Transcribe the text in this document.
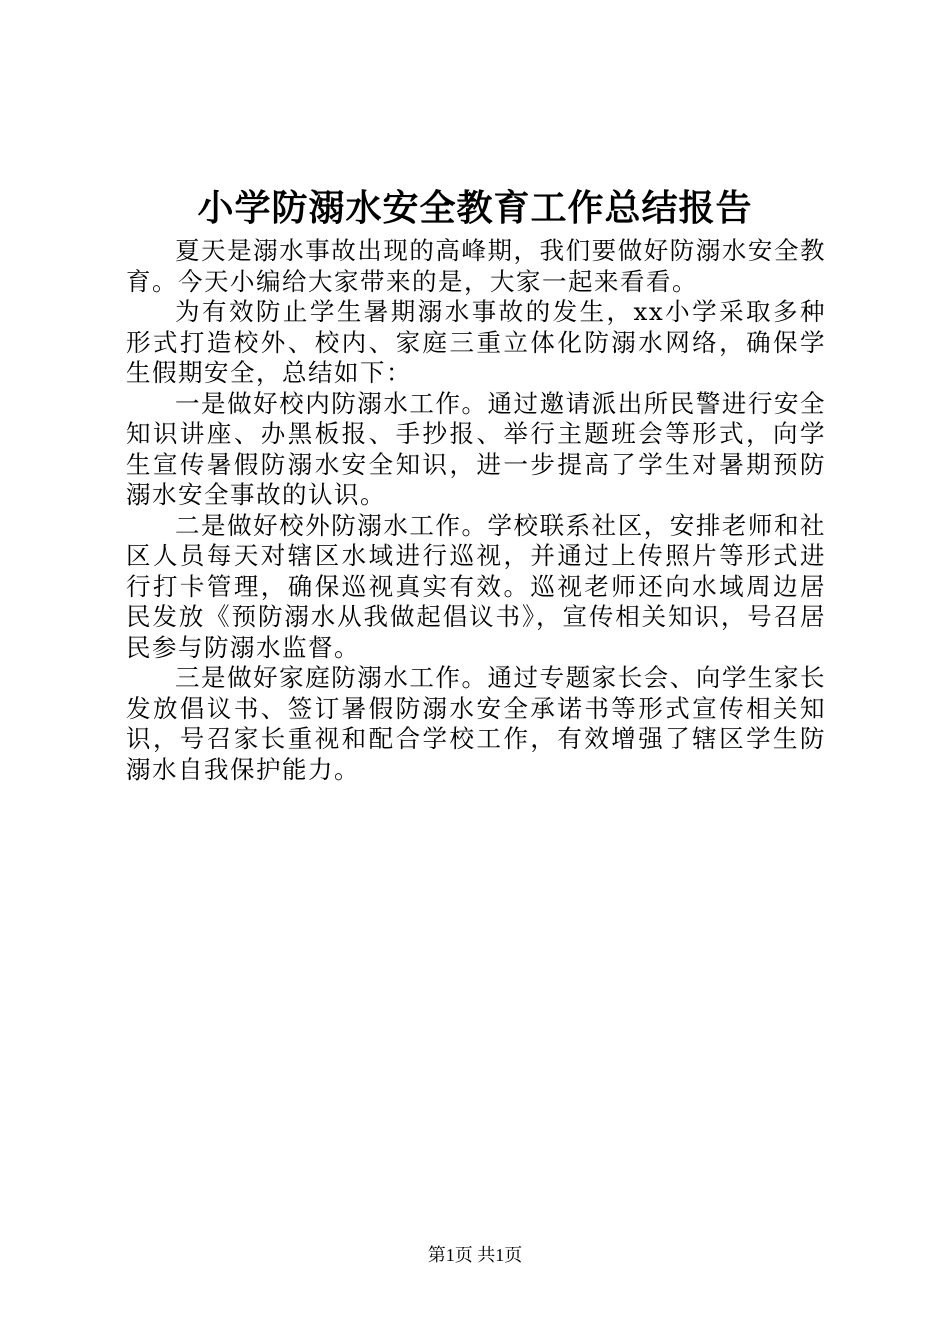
小学防溺水安全教育工作总结报告

夏天是溺水事故出现的高峰期，我们要做好防溺水安全教育。今天小编给大家带来的是，大家一起来看看。

为有效防止学生暑期溺水事故的发生，xx小学采取多种形式打造校外、校内、家庭三重立体化防溺水网络，确保学生假期安全，总结如下：

一是做好校内防溺水工作。通过邀请派出所民警进行安全知识讲座、办黑板报、手抄报、举行主题班会等形式，向学生宣传暑假防溺水安全知识，进一步提高了学生对暑期预防溺水安全事故的认识。

二是做好校外防溺水工作。学校联系社区，安排老师和社区人员每天对辖区水域进行巡视，并通过上传照片等形式进行打卡管理，确保巡视真实有效。巡视老师还向水域周边居民发放《预防溺水从我做起倡议书》，宣传相关知识，号召居民参与防溺水监督。

三是做好家庭防溺水工作。通过专题家长会、向学生家长发放倡议书、签订暑假防溺水安全承诺书等形式宣传相关知识，号召家长重视和配合学校工作，有效增强了辖区学生防溺水自我保护能力。

第1页 共1页
